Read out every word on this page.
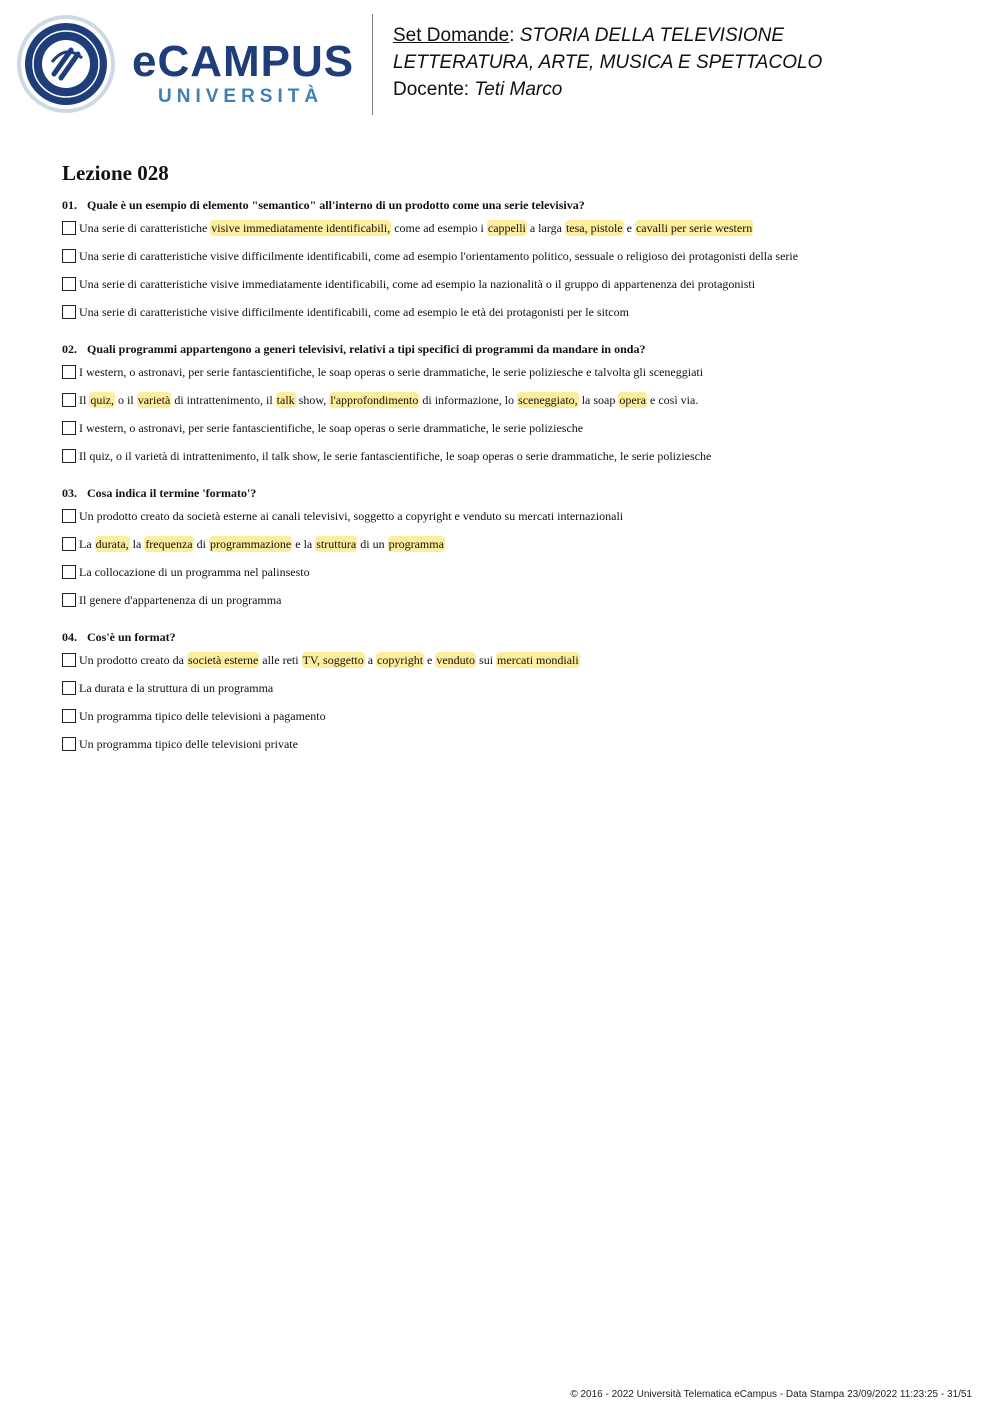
eCAMPUS
UNIVERSITÀ
Set Domande: STORIA DELLA TELEVISIONE
LETTERATURA, ARTE, MUSICA E SPETTACOLO
Docente: Teti Marco
Lezione 028
01. Quale è un esempio di elemento "semantico" all'interno di un prodotto come una serie televisiva?
Una serie di caratteristiche visive immediatamente identificabili, come ad esempio i cappelli a larga tesa, pistole e cavalli per serie western
Una serie di caratteristiche visive difficilmente identificabili, come ad esempio l'orientamento politico, sessuale o religioso dei protagonisti della serie
Una serie di caratteristiche visive immediatamente identificabili, come ad esempio la nazionalità o il gruppo di appartenenza dei protagonisti
Una serie di caratteristiche visive difficilmente identificabili, come ad esempio le età dei protagonisti per le sitcom
02. Quali programmi appartengono a generi televisivi, relativi a tipi specifici di programmi da mandare in onda?
I western, o astronavi, per serie fantascientifiche, le soap operas o serie drammatiche, le serie poliziesche e talvolta gli sceneggiati
Il quiz, o il varietà di intrattenimento, il talk show, l'approfondimento di informazione, lo sceneggiato, la soap opera e così via.
I western, o astronavi, per serie fantascientifiche, le soap operas o serie drammatiche, le serie poliziesche
Il quiz, o il varietà di intrattenimento, il talk show, le serie fantascientifiche, le soap operas o serie drammatiche, le serie poliziesche
03. Cosa indica il termine 'formato'?
Un prodotto creato da società esterne ai canali televisivi, soggetto a copyright e venduto su mercati internazionali
La durata, la frequenza di programmazione e la struttura di un programma
La collocazione di un programma nel palinsesto
Il genere d'appartenenza di un programma
04. Cos'è un format?
Un prodotto creato da società esterne alle reti TV, soggetto a copyright e venduto sui mercati mondiali
La durata e la struttura di un programma
Un programma tipico delle televisioni a pagamento
Un programma tipico delle televisioni private
© 2016 - 2022 Università Telematica eCampus - Data Stampa 23/09/2022 11:23:25 - 31/51
